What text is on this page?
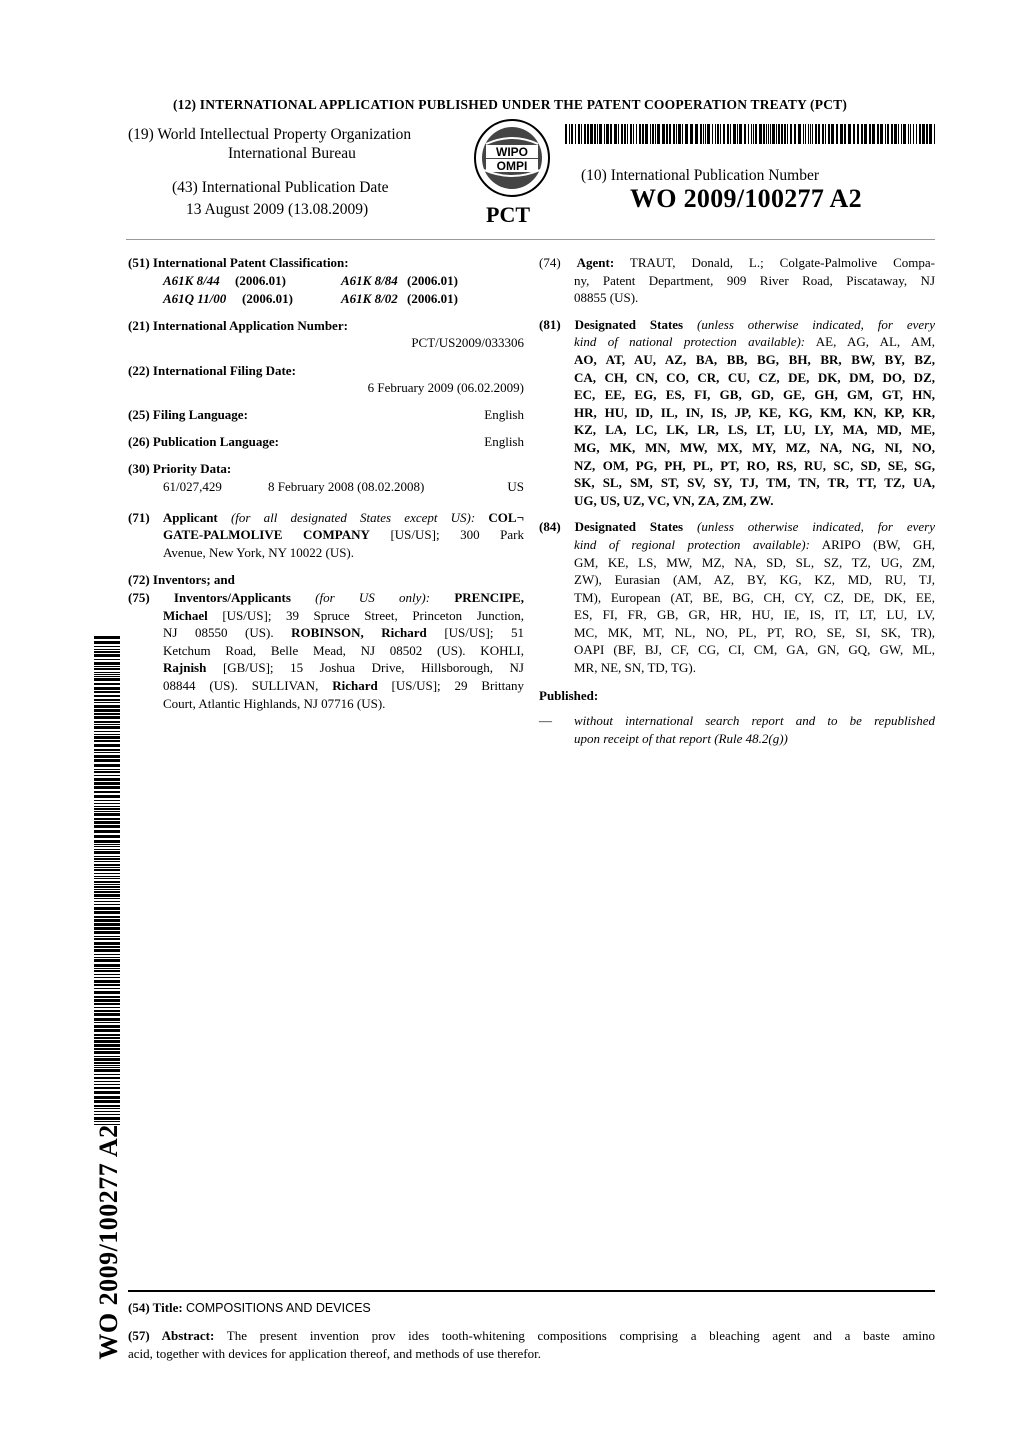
(12) INTERNATIONAL APPLICATION PUBLISHED UNDER THE PATENT COOPERATION TREATY (PCT)
(19) World Intellectual Property Organization
International Bureau
(43) International Publication Date
13 August 2009 (13.08.2009)
WIPO
OMPI
PCT
(10) International Publication Number
WO 2009/100277 A2
(51) International Patent Classification:
A61K 8/44 (2006.01)	A61K 8/84 (2006.01)
A61Q 11/00 (2006.01)	A61K 8/02 (2006.01)
(21) International Application Number:
PCT/US2009/033306
(22) International Filing Date:
6 February 2009 (06.02.2009)
(25) Filing Language:	English
(26) Publication Language:	English
(30) Priority Data:
61/027,429	8 February 2008 (08.02.2008)	US
(71) Applicant (for all designated States except US): COL¬
GATE-PALMOLIVE COMPANY [US/US]; 300 Park
Avenue, New York, NY 10022 (US).
(72) Inventors; and
(75) Inventors/Applicants (for US only): PRENCIPE,
Michael [US/US]; 39 Spruce Street, Princeton Junction,
NJ 08550 (US). ROBINSON, Richard [US/US]; 51
Ketchum Road, Belle Mead, NJ 08502 (US). KOHLI,
Rajnish [GB/US]; 15 Joshua Drive, Hillsborough, NJ
08844 (US). SULLIVAN, Richard [US/US]; 29 Brittany
Court, Atlantic Highlands, NJ 07716 (US).
(74) Agent: TRAUT, Donald, L.; Colgate-Palmolive Compa-
ny, Patent Department, 909 River Road, Piscataway, NJ
08855 (US).
(81) Designated States (unless otherwise indicated, for every
kind of national protection available): AE, AG, AL, AM,
AO, AT, AU, AZ, BA, BB, BG, BH, BR, BW, BY, BZ,
CA, CH, CN, CO, CR, CU, CZ, DE, DK, DM, DO, DZ,
EC, EE, EG, ES, FI, GB, GD, GE, GH, GM, GT, HN,
HR, HU, ID, IL, IN, IS, JP, KE, KG, KM, KN, KP, KR,
KZ, LA, LC, LK, LR, LS, LT, LU, LY, MA, MD, ME,
MG, MK, MN, MW, MX, MY, MZ, NA, NG, NI, NO,
NZ, OM, PG, PH, PL, PT, RO, RS, RU, SC, SD, SE, SG,
SK, SL, SM, ST, SV, SY, TJ, TM, TN, TR, TT, TZ, UA,
UG, US, UZ, VC, VN, ZA, ZM, ZW.
(84) Designated States (unless otherwise indicated, for every
kind of regional protection available): ARIPO (BW, GH,
GM, KE, LS, MW, MZ, NA, SD, SL, SZ, TZ, UG, ZM,
ZW), Eurasian (AM, AZ, BY, KG, KZ, MD, RU, TJ,
TM), European (AT, BE, BG, CH, CY, CZ, DE, DK, EE,
ES, FI, FR, GB, GR, HR, HU, IE, IS, IT, LT, LU, LV,
MC, MK, MT, NL, NO, PL, PT, RO, SE, SI, SK, TR),
OAPI (BF, BJ, CF, CG, CI, CM, GA, GN, GQ, GW, ML,
MR, NE, SN, TD, TG).
Published:
—	without international search report and to be republished
upon receipt of that report (Rule 48.2(g))
WO 2009/100277 A2 (54) Title: COMPOSITIONS AND DEVICES
(57) Abstract: The present invention prov ides tooth-whitening compositions comprising a bleaching agent and a baste amino
acid, together with devices for application thereof, and methods of use therefor.
